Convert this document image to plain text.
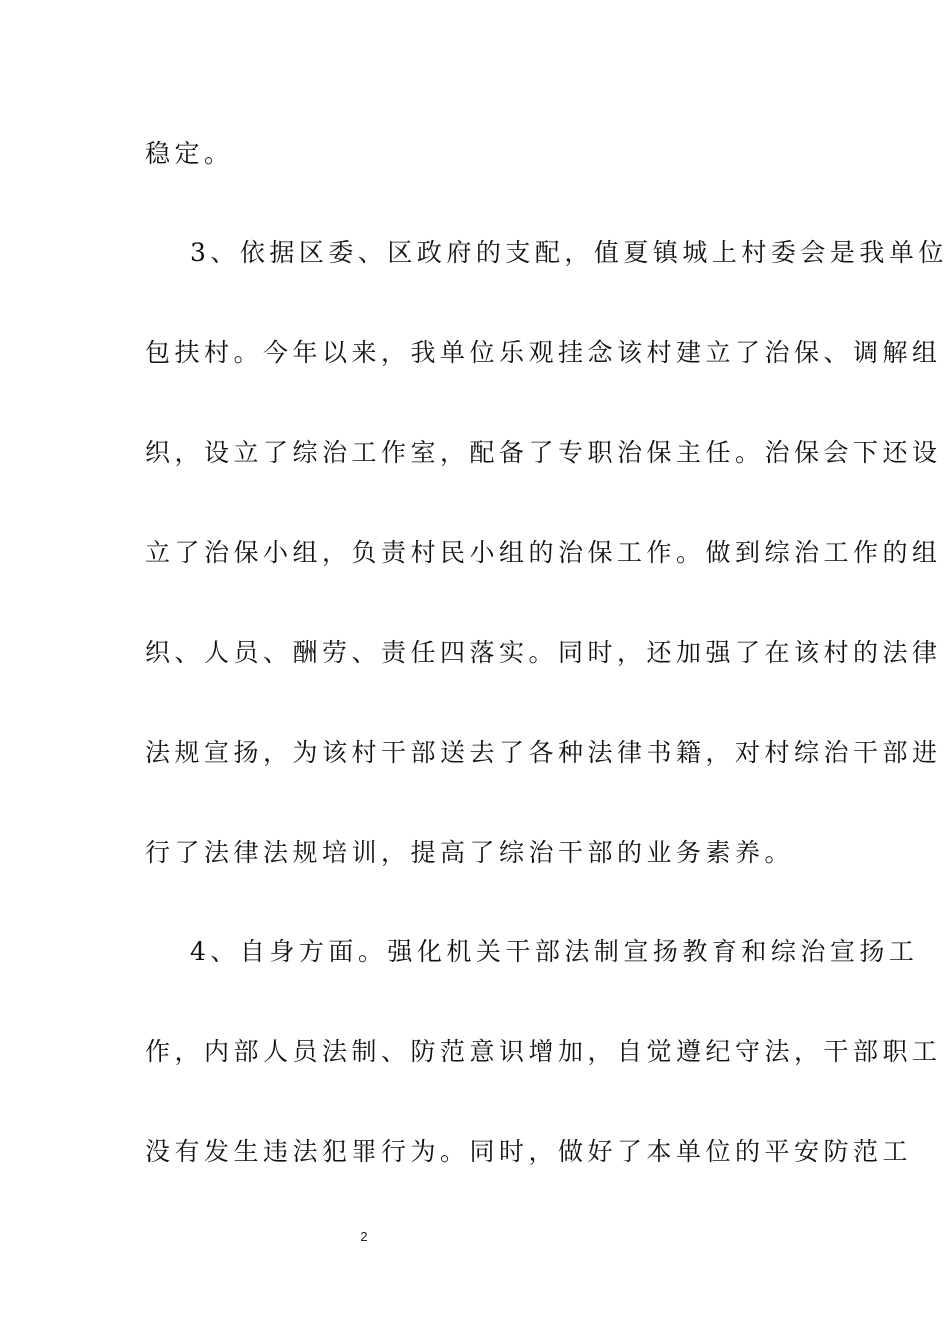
稳定。
3、依据区委、区政府的支配，值夏镇城上村委会是我单位
包扶村。今年以来，我单位乐观挂念该村建立了治保、调解组
织，设立了综治工作室，配备了专职治保主任。治保会下还设
立了治保小组，负责村民小组的治保工作。做到综治工作的组
织、人员、酬劳、责任四落实。同时，还加强了在该村的法律
法规宣扬，为该村干部送去了各种法律书籍，对村综治干部进
行了法律法规培训，提高了综治干部的业务素养。
4、自身方面。强化机关干部法制宣扬教育和综治宣扬工
作，内部人员法制、防范意识增加，自觉遵纪守法，干部职工
没有发生违法犯罪行为。同时，做好了本单位的平安防范工
2
